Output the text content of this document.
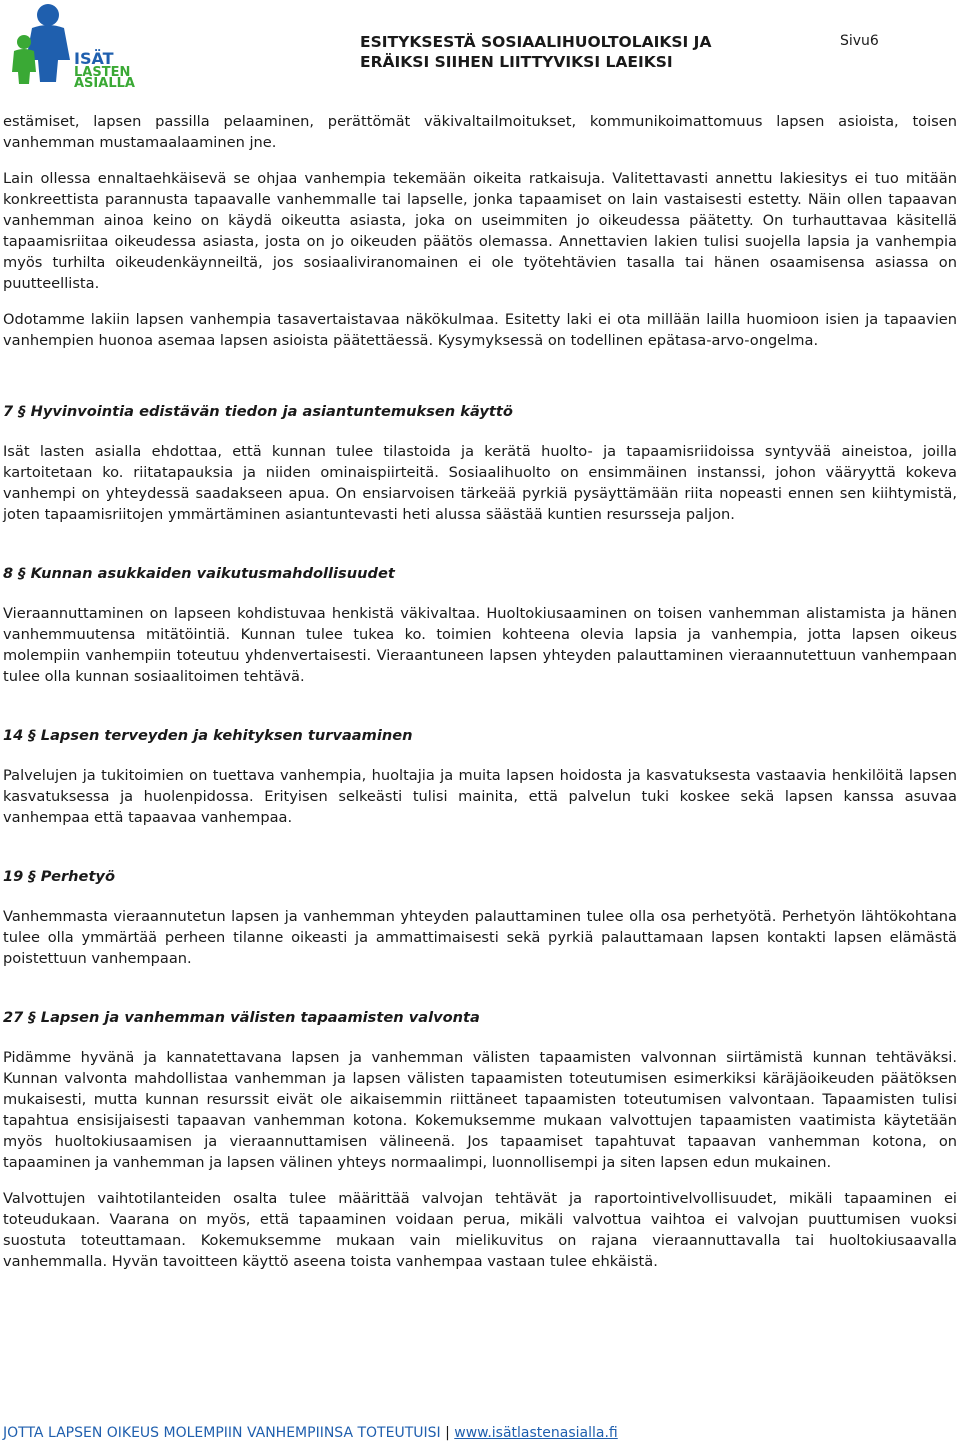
ISÄT
LASTEN
ASIALLA
ESITYKSESTÄ SOSIAALIHUOLTOLAIKSI JA
ERÄIKSI SIIHEN LIITTYVIKSI LAEIKSI
Sivu6

estämiset, lapsen passilla pelaaminen, perättömät väkivaltailmoitukset, kommunikoimattomuus lapsen asioista, toisen vanhemman mustamaalaaminen jne.

Lain ollessa ennaltaehkäisevä se ohjaa vanhempia tekemään oikeita ratkaisuja. Valitettavasti annettu lakiesitys ei tuo mitään konkreettista parannusta tapaavalle vanhemmalle tai lapselle, jonka tapaamiset on lain vastaisesti estetty. Näin ollen tapaavan vanhemman ainoa keino on käydä oikeutta asiasta, joka on useimmiten jo oikeudessa päätetty. On turhauttavaa käsitellä tapaamisriitaa oikeudessa asiasta, josta on jo oikeuden päätös olemassa. Annettavien lakien tulisi suojella lapsia ja vanhempia myös turhilta oikeudenkäynneiltä, jos sosiaaliviranomainen ei ole työtehtävien tasalla tai hänen osaamisensa asiassa on puutteellista.

Odotamme lakiin lapsen vanhempia tasavertaistavaa näkökulmaa. Esitetty laki ei ota millään lailla huomioon isien ja tapaavien vanhempien huonoa asemaa lapsen asioista päätettäessä. Kysymyksessä on todellinen epätasa-arvo-ongelma.

7 § Hyvinvointia edistävän tiedon ja asiantuntemuksen käyttö

Isät lasten asialla ehdottaa, että kunnan tulee tilastoida ja kerätä huolto- ja tapaamisriidoissa syntyvää aineistoa, joilla kartoitetaan ko. riitatapauksia ja niiden ominaispiirteitä. Sosiaalihuolto on ensimmäinen instanssi, johon vääryyttä kokeva vanhempi on yhteydessä saadakseen apua. On ensiarvoisen tärkeää pyrkiä pysäyttämään riita nopeasti ennen sen kiihtymistä, joten tapaamisriitojen ymmärtäminen asiantuntevasti heti alussa säästää kuntien resursseja paljon.

8 § Kunnan asukkaiden vaikutusmahdollisuudet

Vieraannuttaminen on lapseen kohdistuvaa henkistä väkivaltaa. Huoltokiusaaminen on toisen vanhemman alistamista ja hänen vanhemmuutensa mitätöintiä. Kunnan tulee tukea ko. toimien kohteena olevia lapsia ja vanhempia, jotta lapsen oikeus molempiin vanhempiin toteutuu yhdenvertaisesti. Vieraantuneen lapsen yhteyden palauttaminen vieraannutettuun vanhempaan tulee olla kunnan sosiaalitoimen tehtävä.

14 § Lapsen terveyden ja kehityksen turvaaminen

Palvelujen ja tukitoimien on tuettava vanhempia, huoltajia ja muita lapsen hoidosta ja kasvatuksesta vastaavia henkilöitä lapsen kasvatuksessa ja huolenpidossa. Erityisen selkeästi tulisi mainita, että palvelun tuki koskee sekä lapsen kanssa asuvaa vanhempaa että tapaavaa vanhempaa.

19 § Perhetyö

Vanhemmasta vieraannutetun lapsen ja vanhemman yhteyden palauttaminen tulee olla osa perhetyötä. Perhetyön lähtökohtana tulee olla ymmärtää perheen tilanne oikeasti ja ammattimaisesti sekä pyrkiä palauttamaan lapsen kontakti lapsen elämästä poistettuun vanhempaan.

27 § Lapsen ja vanhemman välisten tapaamisten valvonta

Pidämme hyvänä ja kannatettavana lapsen ja vanhemman välisten tapaamisten valvonnan siirtämistä kunnan tehtäväksi. Kunnan valvonta mahdollistaa vanhemman ja lapsen välisten tapaamisten toteutumisen esimerkiksi käräjäoikeuden päätöksen mukaisesti, mutta kunnan resurssit eivät ole aikaisemmin riittäneet tapaamisten toteutumisen valvontaan. Tapaamisten tulisi tapahtua ensisijaisesti tapaavan vanhemman kotona. Kokemuksemme mukaan valvottujen tapaamisten vaatimista käytetään myös huoltokiusaamisen ja vieraannuttamisen välineenä. Jos tapaamiset tapahtuvat tapaavan vanhemman kotona, on tapaaminen ja vanhemman ja lapsen välinen yhteys normaalimpi, luonnollisempi ja siten lapsen edun mukainen.

Valvottujen vaihtotilanteiden osalta tulee määrittää valvojan tehtävät ja raportointivelvollisuudet, mikäli tapaaminen ei toteudukaan. Vaarana on myös, että tapaaminen voidaan perua, mikäli valvottua vaihtoa ei valvojan puuttumisen vuoksi suostuta toteuttamaan. Kokemuksemme mukaan vain mielikuvitus on rajana vieraannuttavalla tai huoltokiusaavalla vanhemmalla. Hyvän tavoitteen käyttö aseena toista vanhempaa vastaan tulee ehkäistä.

JOTTA LAPSEN OIKEUS MOLEMPIIN VANHEMPIINSA TOTEUTUISI | www.isätlastenasialla.fi
